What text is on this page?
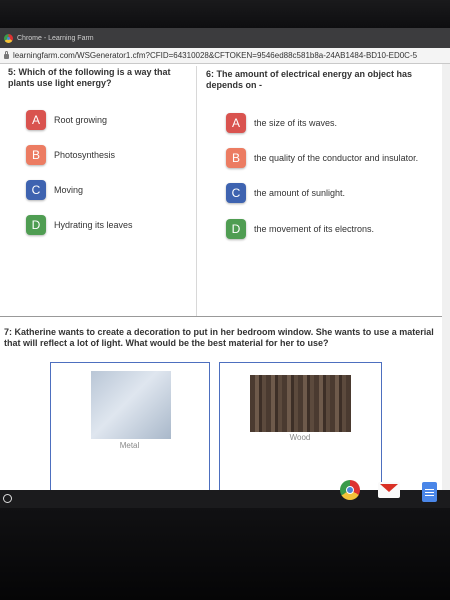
Chrome - Learning Farm
learningfarm.com/WSGenerator1.cfm?CFID=64310028&CFTOKEN=9546ed88c581b8a-24AB1484-BD10-ED0C-5
5: Which of the following is a way that plants use light energy?
6: The amount of electrical energy an object has depends on -
A	Root growing
B	Photosynthesis
C	Moving
D	Hydrating its leaves
A	the size of its waves.
B	the quality of the conductor and insulator.
C	the amount of sunlight.
D	the movement of its electrons.
7: Katherine wants to create a decoration to put in her bedroom window. She wants to use a material that will reflect a lot of light. What would be the best material for her to use?
Metal
Wood
